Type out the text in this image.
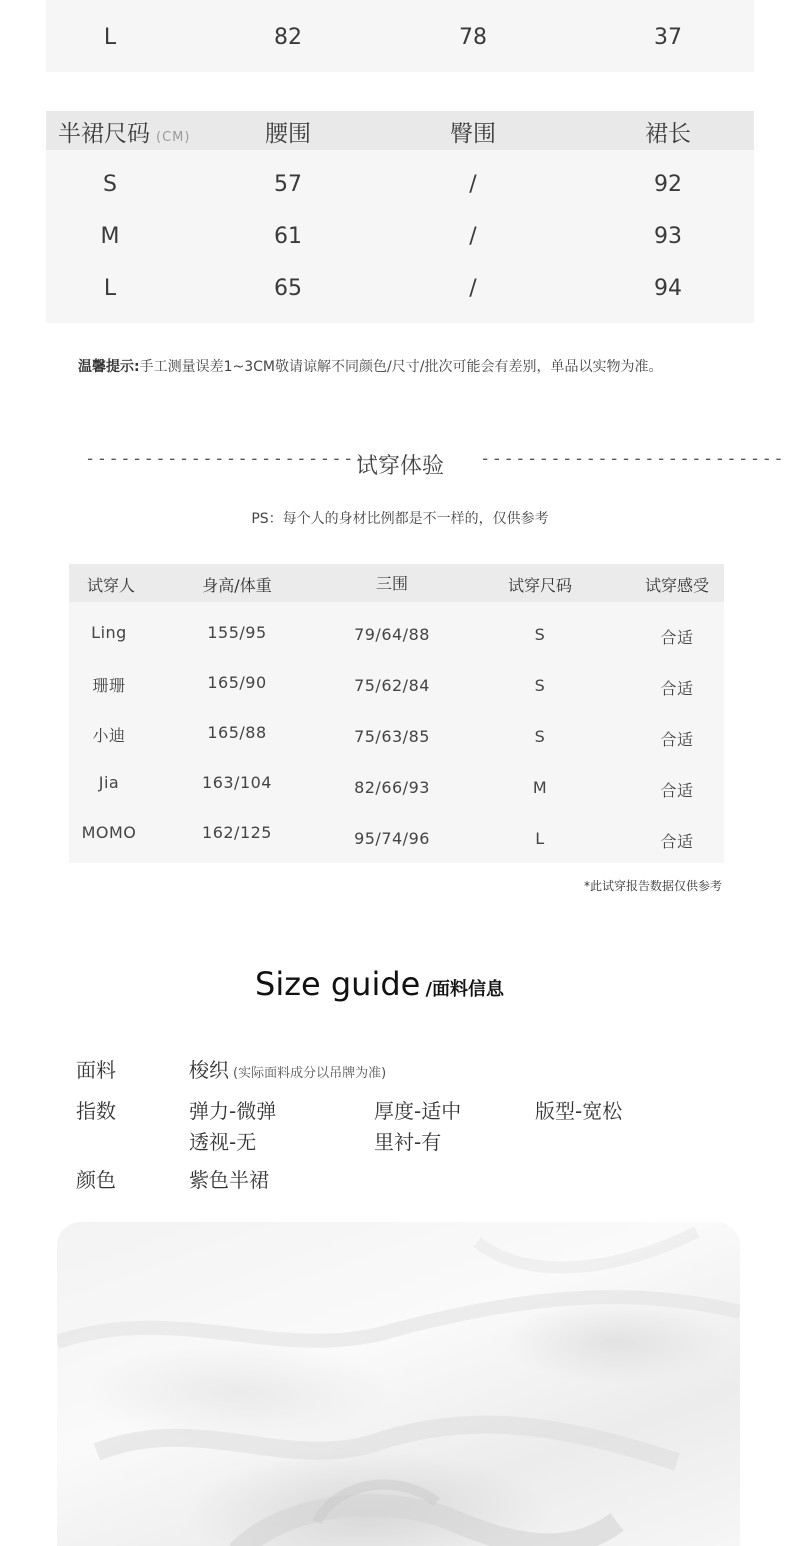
L	82	78	37
半裙尺码 (CM)	腰围	臀围	裙长
S	57	/	92
M	61	/	93
L	65	/	94
温馨提示:手工测量误差1~3CM敬请谅解不同颜色/尺寸/批次可能会有差别，单品以实物为准。
--------------------------
试穿体验 --------------------------
PS：每个人的身材比例都是不一样的，仅供参考
试穿人	身高/体重	三围	试穿尺码	试穿感受
Ling	155/95	79/64/88	S	合适
珊珊	165/90	75/62/84	S	合适
小迪	165/88	75/63/85	S	合适
Jia	163/104	82/66/93	M	合适
MOMO	162/125	95/74/96	L	合适
*此试穿报告数据仅供参考
Size guide /面料信息
面料	梭织 (实际面料成分以吊牌为准)
指数	弹力-微弹	厚度-适中	版型-宽松
透视-无	里衬-有
颜色	紫色半裙
